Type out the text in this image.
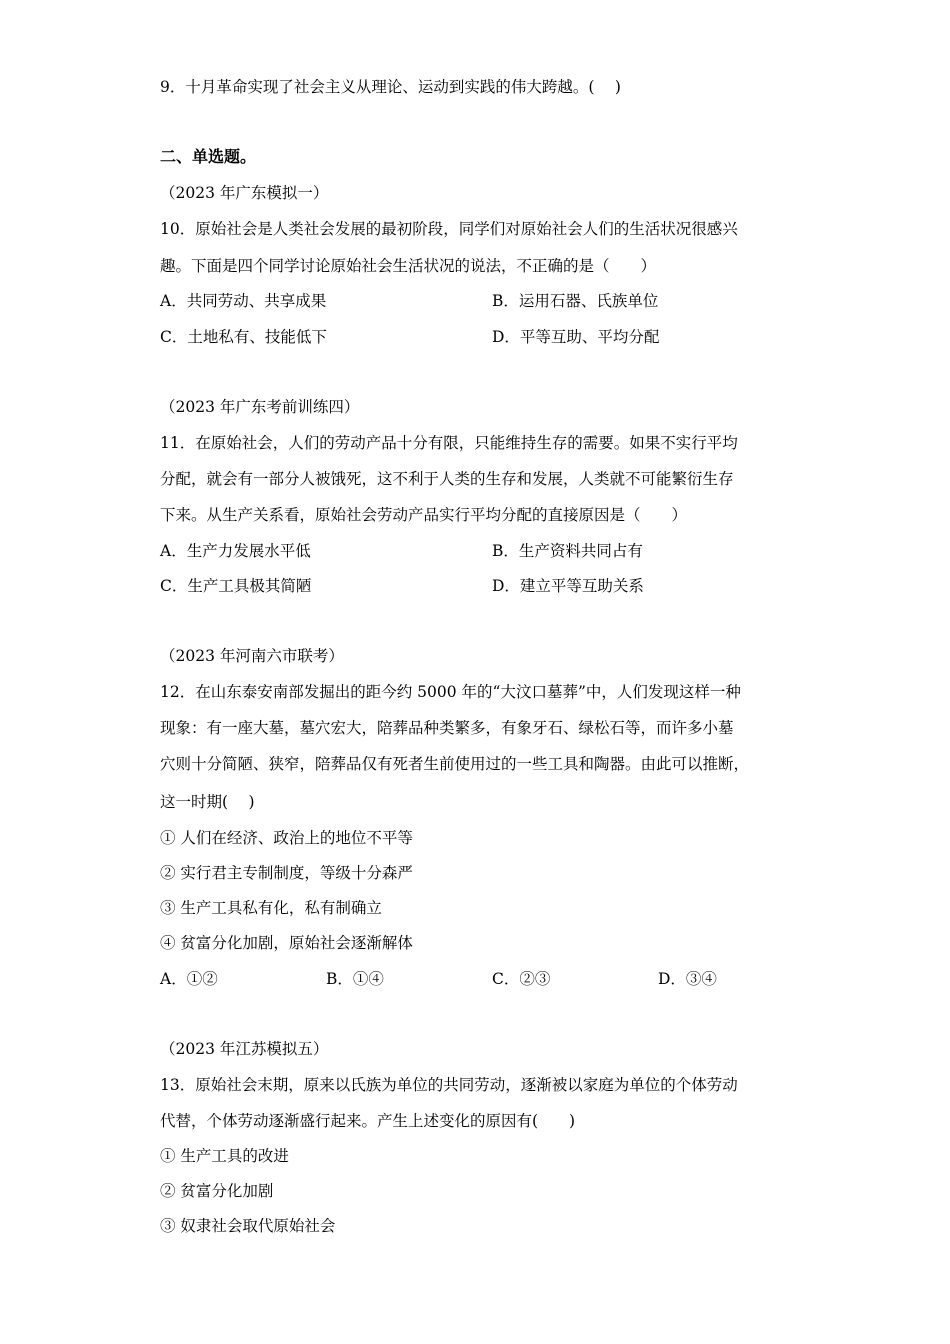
9．十月革命实现了社会主义从理论、运动到实践的伟大跨越。(　 )
二、单选题。
（2023 年广东模拟一）
10．原始社会是人类社会发展的最初阶段，同学们对原始社会人们的生活状况很感兴
趣。下面是四个同学讨论原始社会生活状况的说法，不正确的是（　　）
A．共同劳动、共享成果	B．运用石器、氏族单位
C．土地私有、技能低下	D．平等互助、平均分配
（2023 年广东考前训练四）
11．在原始社会，人们的劳动产品十分有限，只能维持生存的需要。如果不实行平均
分配，就会有一部分人被饿死，这不利于人类的生存和发展，人类就不可能繁衍生存
下来。从生产关系看，原始社会劳动产品实行平均分配的直接原因是（　　）
A．生产力发展水平低	B．生产资料共同占有
C．生产工具极其简陋	D．建立平等互助关系
（2023 年河南六市联考）
12．在山东泰安南部发掘出的距今约 5000 年的“大汶口墓葬”中，人们发现这样一种
现象：有一座大墓，墓穴宏大，陪葬品种类繁多，有象牙石、绿松石等，而许多小墓
穴则十分简陋、狭窄，陪葬品仅有死者生前使用过的一些工具和陶器。由此可以推断，
这一时期(　 )
① 人们在经济、政治上的地位不平等
② 实行君主专制制度，等级十分森严
③ 生产工具私有化，私有制确立
④ 贫富分化加剧，原始社会逐渐解体
A．①②	B．①④	C．②③	D．③④
（2023 年江苏模拟五）
13．原始社会末期，原来以氏族为单位的共同劳动，逐渐被以家庭为单位的个体劳动
代替，个体劳动逐渐盛行起来。产生上述变化的原因有(　　)
① 生产工具的改进
② 贫富分化加剧
③ 奴隶社会取代原始社会
